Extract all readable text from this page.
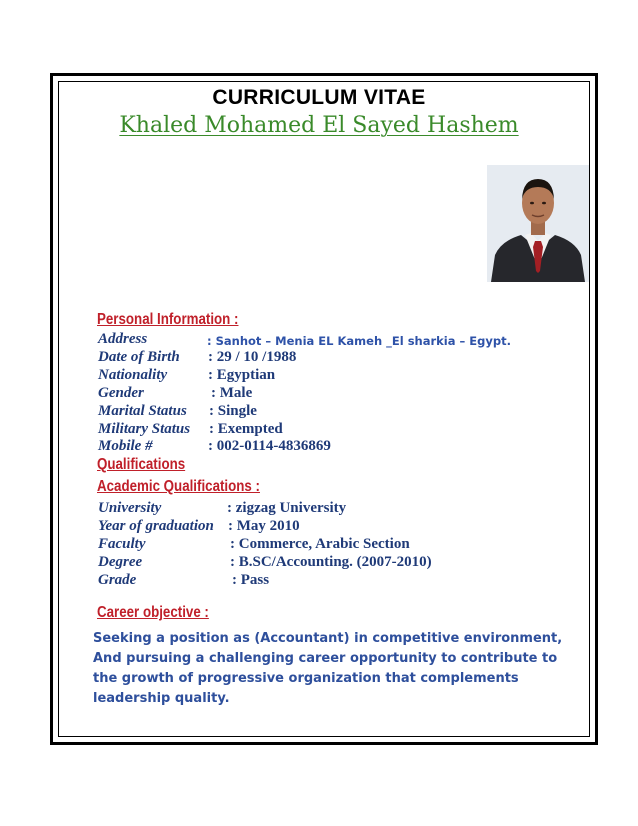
CURRICULUM VITAE
Khaled Mohamed El Sayed Hashem
Personal Information :
Address	: Sanhot – Menia EL Kameh _El sharkia – Egypt.
Date of Birth : 29 / 10 /1988
Nationality	: Egyptian
Gender	: Male
Marital Status : Single
Military Status : Exempted
Mobile #	: 002-0114-4836869
Qualifications
Academic Qualifications :
University	: zigzag University
Year of graduation : May 2010
Faculty	: Commerce, Arabic Section
Degree	: B.SC/Accounting. (2007-2010)
Grade	: Pass
Career objective :
Seeking a position as (Accountant) in competitive environment, And pursuing a challenging career opportunity to contribute to the growth of progressive organization that complements leadership quality.
